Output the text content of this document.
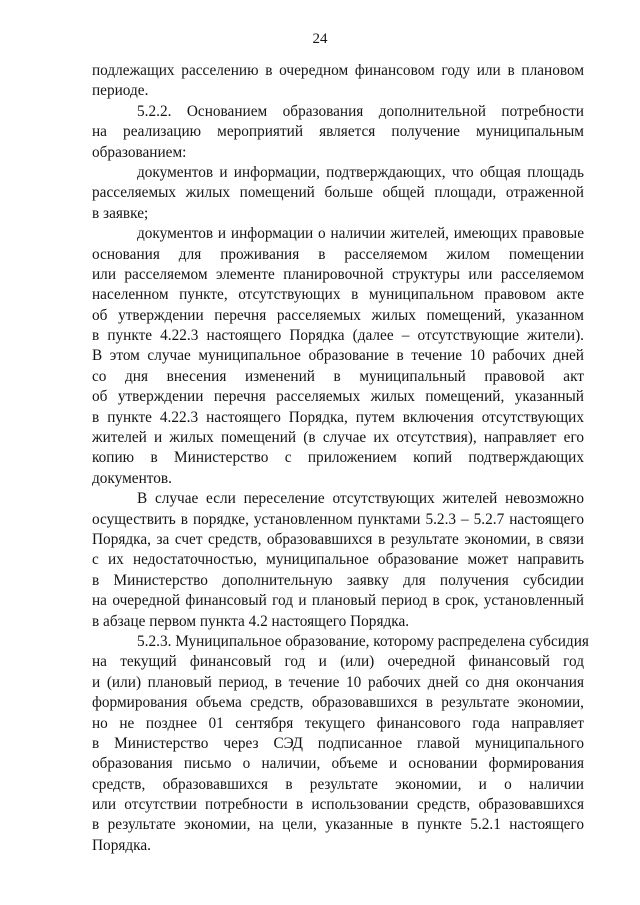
24
подлежащих расселению в очередном финансовом году или в плановом
периоде.
5.2.2. Основанием образования дополнительной потребности
на реализацию мероприятий является получение муниципальным
образованием:
документов и информации, подтверждающих, что общая площадь
расселяемых жилых помещений больше общей площади, отраженной
в заявке;
документов и информации о наличии жителей, имеющих правовые
основания для проживания в расселяемом жилом помещении
или расселяемом элементе планировочной структуры или расселяемом
населенном пункте, отсутствующих в муниципальном правовом акте
об утверждении перечня расселяемых жилых помещений, указанном
в пункте 4.22.3 настоящего Порядка (далее – отсутствующие жители).
В этом случае муниципальное образование в течение 10 рабочих дней
со дня внесения изменений в муниципальный правовой акт
об утверждении перечня расселяемых жилых помещений, указанный
в пункте 4.22.3 настоящего Порядка, путем включения отсутствующих
жителей и жилых помещений (в случае их отсутствия), направляет его
копию в Министерство с приложением копий подтверждающих
документов.
В случае если переселение отсутствующих жителей невозможно
осуществить в порядке, установленном пунктами 5.2.3 – 5.2.7 настоящего
Порядка, за счет средств, образовавшихся в результате экономии, в связи
с их недостаточностью, муниципальное образование может направить
в Министерство дополнительную заявку для получения субсидии
на очередной финансовый год и плановый период в срок, установленный
в абзаце первом пункта 4.2 настоящего Порядка.
5.2.3. Муниципальное образование, которому распределена субсидия
на текущий финансовый год и (или) очередной финансовый год
и (или) плановый период, в течение 10 рабочих дней со дня окончания
формирования объема средств, образовавшихся в результате экономии,
но не позднее 01 сентября текущего финансового года направляет
в Министерство через СЭД подписанное главой муниципального
образования письмо о наличии, объеме и основании формирования
средств, образовавшихся в результате экономии, и о наличии
или отсутствии потребности в использовании средств, образовавшихся
в результате экономии, на цели, указанные в пункте 5.2.1 настоящего
Порядка.
